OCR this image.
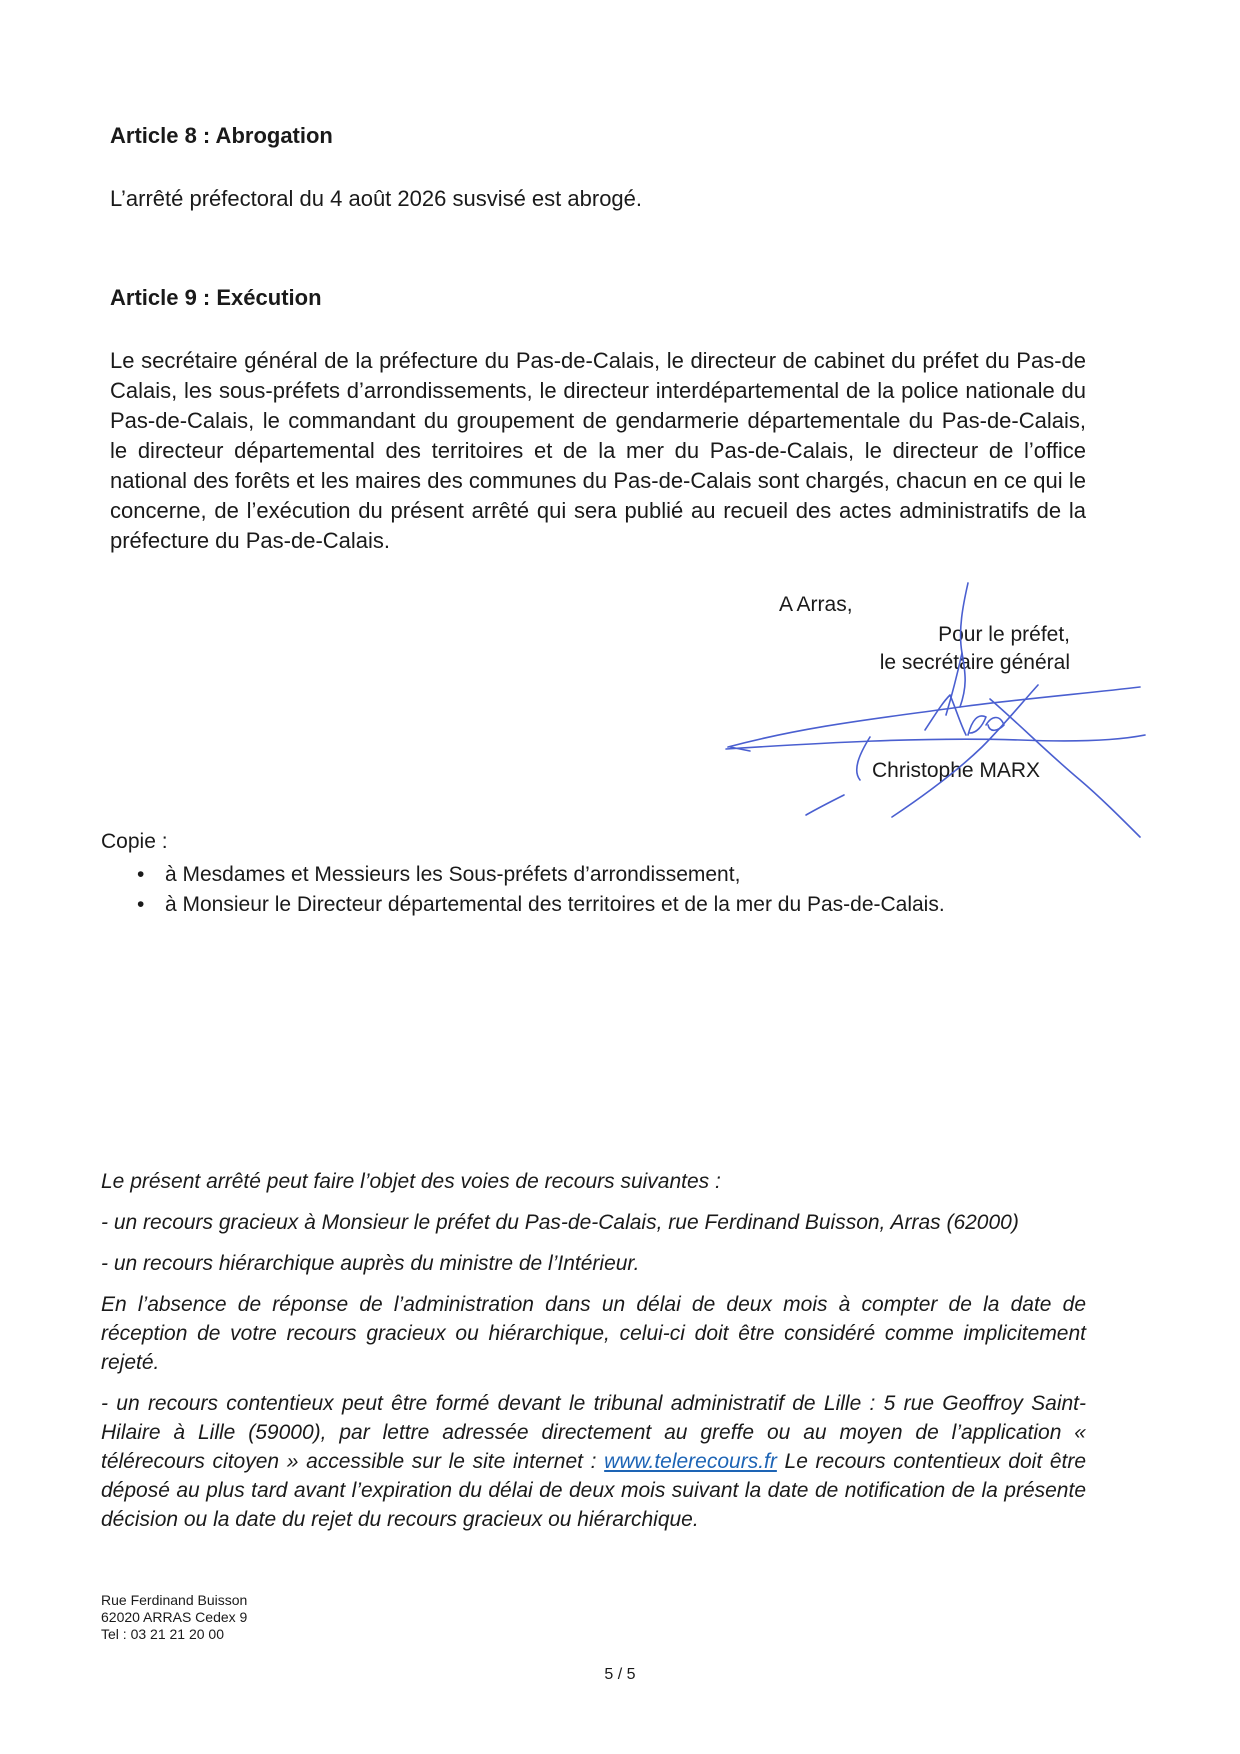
Article 8 : Abrogation
L’arrêté préfectoral du 4 août 2026 susvisé est abrogé.
Article 9 : Exécution
Le secrétaire général de la préfecture du Pas-de-Calais, le directeur de cabinet du préfet du Pas-de Calais, les sous-préfets d’arrondissements, le directeur interdépartemental de la police nationale du Pas-de-Calais, le commandant du groupement de gendarmerie départementale du Pas-de-Calais, le directeur départemental des territoires et de la mer du Pas-de-Calais, le directeur de l’office national des forêts et les maires des communes du Pas-de-Calais sont chargés, chacun en ce qui le concerne, de l’exécution du présent arrêté qui sera publié au recueil des actes administratifs de la préfecture du Pas-de-Calais.
A Arras,
Pour le préfet,
le secrétaire général
Christophe MARX
Copie :
• à Mesdames et Messieurs les Sous-préfets d’arrondissement,
• à Monsieur le Directeur départemental des territoires et de la mer du Pas-de-Calais.

Le présent arrêté peut faire l’objet des voies de recours suivantes :

- un recours gracieux à Monsieur le préfet du Pas-de-Calais, rue Ferdinand Buisson, Arras (62000)

- un recours hiérarchique auprès du ministre de l’Intérieur.

En l’absence de réponse de l’administration dans un délai de deux mois à compter de la date de réception de votre recours gracieux ou hiérarchique, celui-ci doit être considéré comme implicitement rejeté.

- un recours contentieux peut être formé devant le tribunal administratif de Lille : 5 rue Geoffroy Saint-Hilaire à Lille (59000), par lettre adressée directement au greffe ou au moyen de l’application « télérecours citoyen » accessible sur le site internet : www.telerecours.fr Le recours contentieux doit être déposé au plus tard avant l’expiration du délai de deux mois suivant la date de notification de la présente décision ou la date du rejet du recours gracieux ou hiérarchique.

Rue Ferdinand Buisson
62020 ARRAS Cedex 9
Tel : 03 21 21 20 00
5 / 5
